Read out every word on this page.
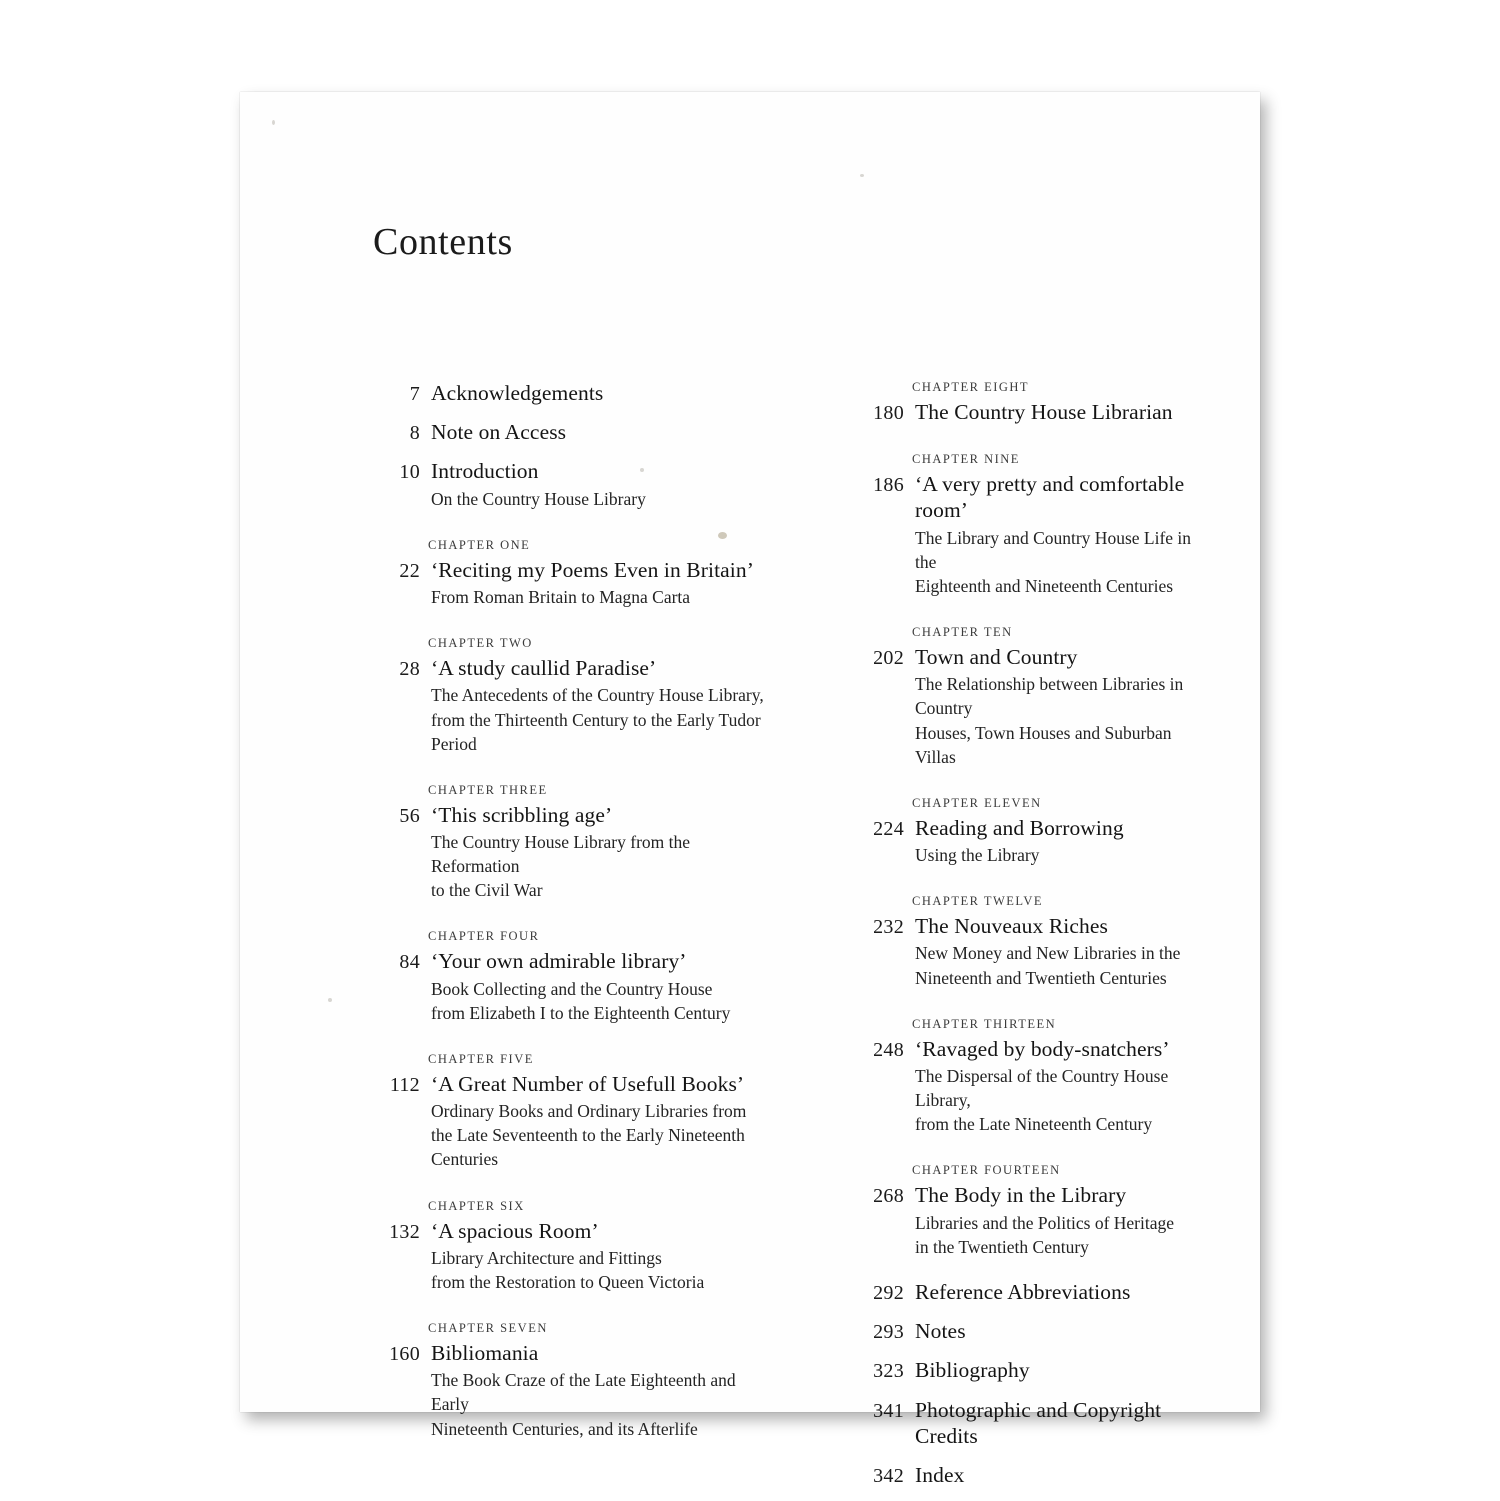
Contents
7 Acknowledgements
8 Note on Access
10 Introduction
On the Country House Library
CHAPTER ONE
22 ‘Reciting my Poems Even in Britain’
From Roman Britain to Magna Carta
CHAPTER TWO
28 ‘A study caullid Paradise’
The Antecedents of the Country House Library,
from the Thirteenth Century to the Early Tudor Period
CHAPTER THREE
56 ‘This scribbling age’
The Country House Library from the Reformation
to the Civil War
CHAPTER FOUR
84 ‘Your own admirable library’
Book Collecting and the Country House
from Elizabeth I to the Eighteenth Century
CHAPTER FIVE
112 ‘A Great Number of Usefull Books’
Ordinary Books and Ordinary Libraries from
the Late Seventeenth to the Early Nineteenth Centuries
CHAPTER SIX
132 ‘A spacious Room’
Library Architecture and Fittings
from the Restoration to Queen Victoria
CHAPTER SEVEN
160 Bibliomania
The Book Craze of the Late Eighteenth and Early
Nineteenth Centuries, and its Afterlife
CHAPTER EIGHT
180 The Country House Librarian
CHAPTER NINE
186 ‘A very pretty and comfortable room’
The Library and Country House Life in the
Eighteenth and Nineteenth Centuries
CHAPTER TEN
202 Town and Country
The Relationship between Libraries in Country
Houses, Town Houses and Suburban Villas
CHAPTER ELEVEN
224 Reading and Borrowing
Using the Library
CHAPTER TWELVE
232 The Nouveaux Riches
New Money and New Libraries in the
Nineteenth and Twentieth Centuries
CHAPTER THIRTEEN
248 ‘Ravaged by body-snatchers’
The Dispersal of the Country House Library,
from the Late Nineteenth Century
CHAPTER FOURTEEN
268 The Body in the Library
Libraries and the Politics of Heritage
in the Twentieth Century
292 Reference Abbreviations
293 Notes
323 Bibliography
341 Photographic and Copyright Credits
342 Index
